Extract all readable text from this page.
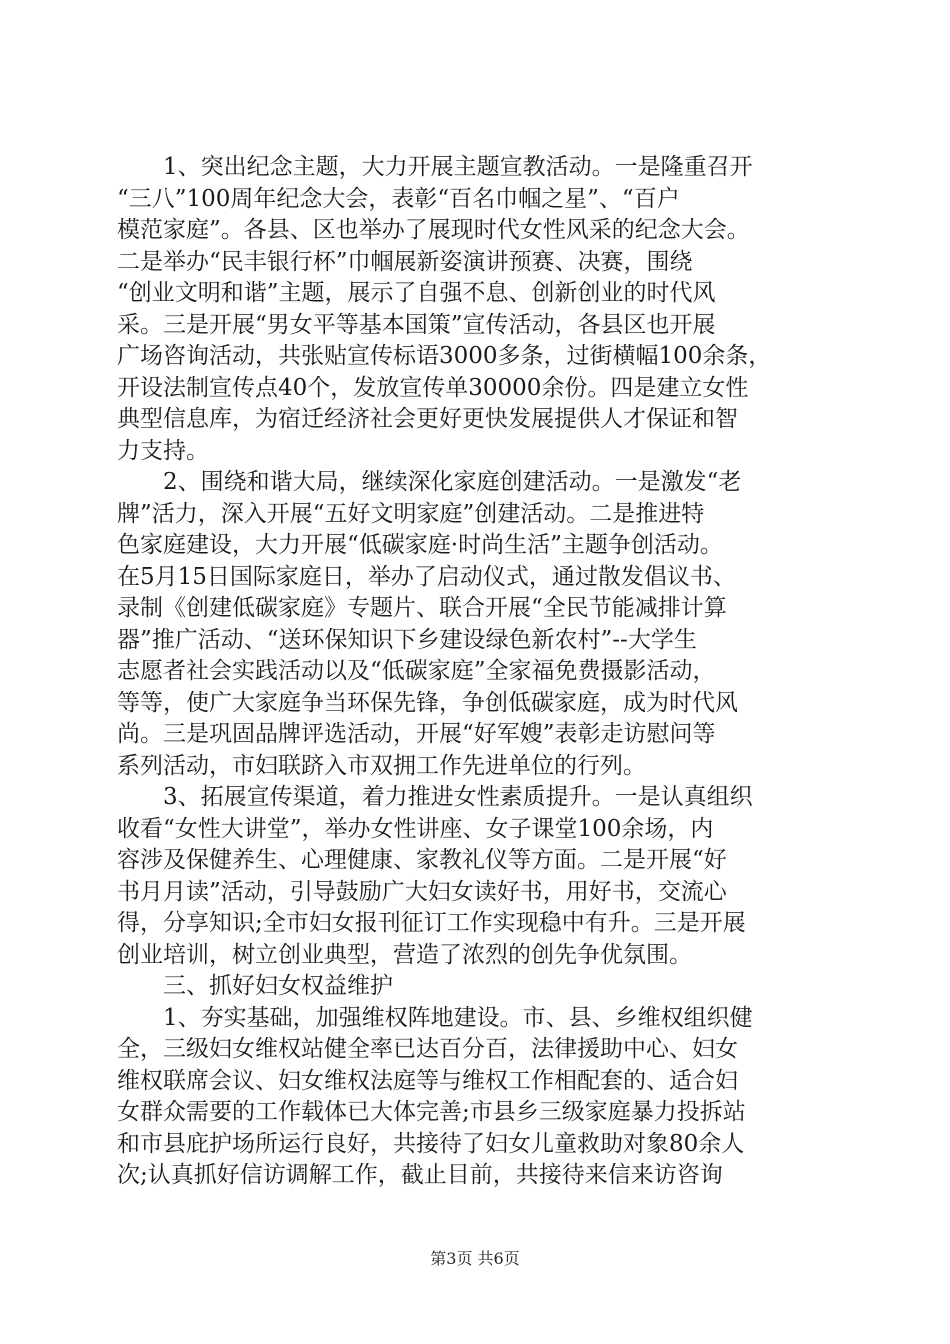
1、突出纪念主题，大力开展主题宣教活动。一是隆重召开
“三八”100周年纪念大会，表彰“百名巾帼之星”、“百户
模范家庭”。各县、区也举办了展现时代女性风采的纪念大会。
二是举办“民丰银行杯”巾帼展新姿演讲预赛、决赛，围绕
“创业文明和谐”主题，展示了自强不息、创新创业的时代风
采。三是开展“男女平等基本国策”宣传活动，各县区也开展
广场咨询活动，共张贴宣传标语3000多条，过街横幅100余条，
开设法制宣传点40个，发放宣传单30000余份。四是建立女性
典型信息库，为宿迁经济社会更好更快发展提供人才保证和智
力支持。
2、围绕和谐大局，继续深化家庭创建活动。一是激发“老
牌”活力，深入开展“五好文明家庭”创建活动。二是推进特
色家庭建设，大力开展“低碳家庭·时尚生活”主题争创活动。
在5月15日国际家庭日，举办了启动仪式，通过散发倡议书、
录制《创建低碳家庭》专题片、联合开展“全民节能减排计算
器”推广活动、“送环保知识下乡建设绿色新农村”--大学生
志愿者社会实践活动以及“低碳家庭”全家福免费摄影活动，
等等，使广大家庭争当环保先锋，争创低碳家庭，成为时代风
尚。三是巩固品牌评选活动，开展“好军嫂”表彰走访慰问等
系列活动，市妇联跻入市双拥工作先进单位的行列。
3、拓展宣传渠道，着力推进女性素质提升。一是认真组织
收看“女性大讲堂”，举办女性讲座、女子课堂100余场，内
容涉及保健养生、心理健康、家教礼仪等方面。二是开展“好
书月月读”活动，引导鼓励广大妇女读好书，用好书，交流心
得，分享知识;全市妇女报刊征订工作实现稳中有升。三是开展
创业培训，树立创业典型，营造了浓烈的创先争优氛围。
三、抓好妇女权益维护
1、夯实基础，加强维权阵地建设。市、县、乡维权组织健
全，三级妇女维权站健全率已达百分百，法律援助中心、妇女
维权联席会议、妇女维权法庭等与维权工作相配套的、适合妇
女群众需要的工作载体已大体完善;市县乡三级家庭暴力投拆站
和市县庇护场所运行良好，共接待了妇女儿童救助对象80余人
次;认真抓好信访调解工作，截止目前，共接待来信来访咨询
第3页 共6页
